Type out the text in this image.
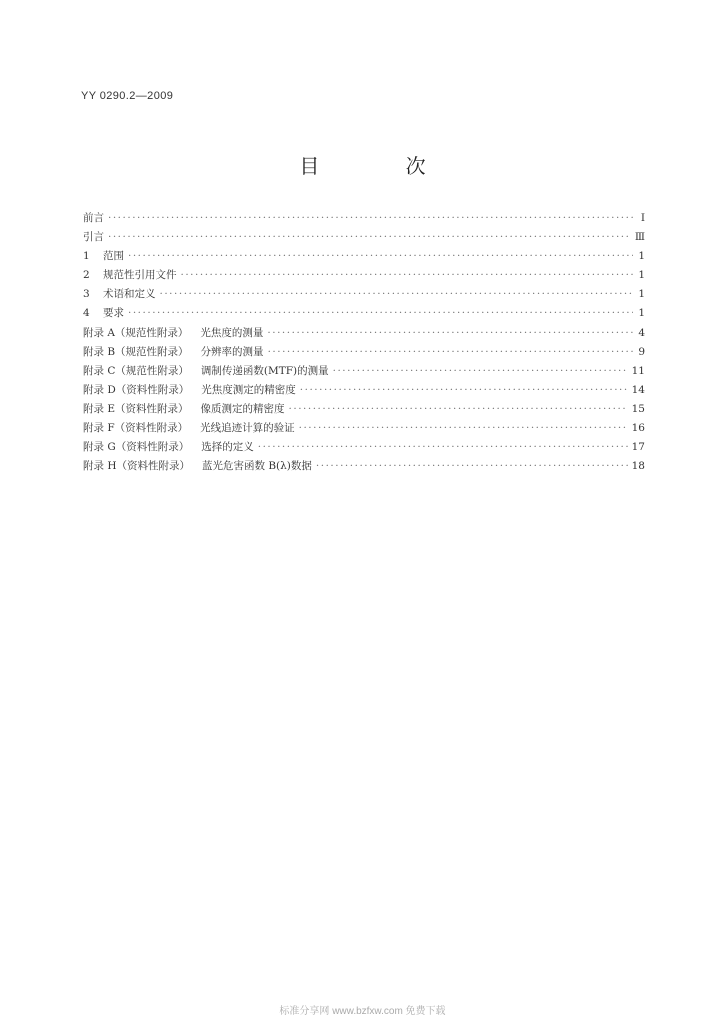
YY 0290.2—2009
目 次
前言 ·····	Ⅰ
引言 ·····	Ⅲ
1 范围 ·····	1
2 规范性引用文件 ·····	1
3 术语和定义 ·····	1
4 要求 ·····	1
附录 A（规范性附录） 光焦度的测量 ·····	4
附录 B（规范性附录） 分辨率的测量 ·····	9
附录 C（规范性附录） 调制传递函数(MTF)的测量 ·····	11
附录 D（资料性附录） 光焦度测定的精密度 ·····	14
附录 E（资料性附录） 像质测定的精密度 ·····	15
附录 F（资料性附录） 光线追迹计算的验证 ·····	16
附录 G（资料性附录） 选择的定义 ·····	17
附录 H（资料性附录） 蓝光危害函数 B(λ)数据 ·····	18
标准分享网 www.bzfxw.com 免费下载
